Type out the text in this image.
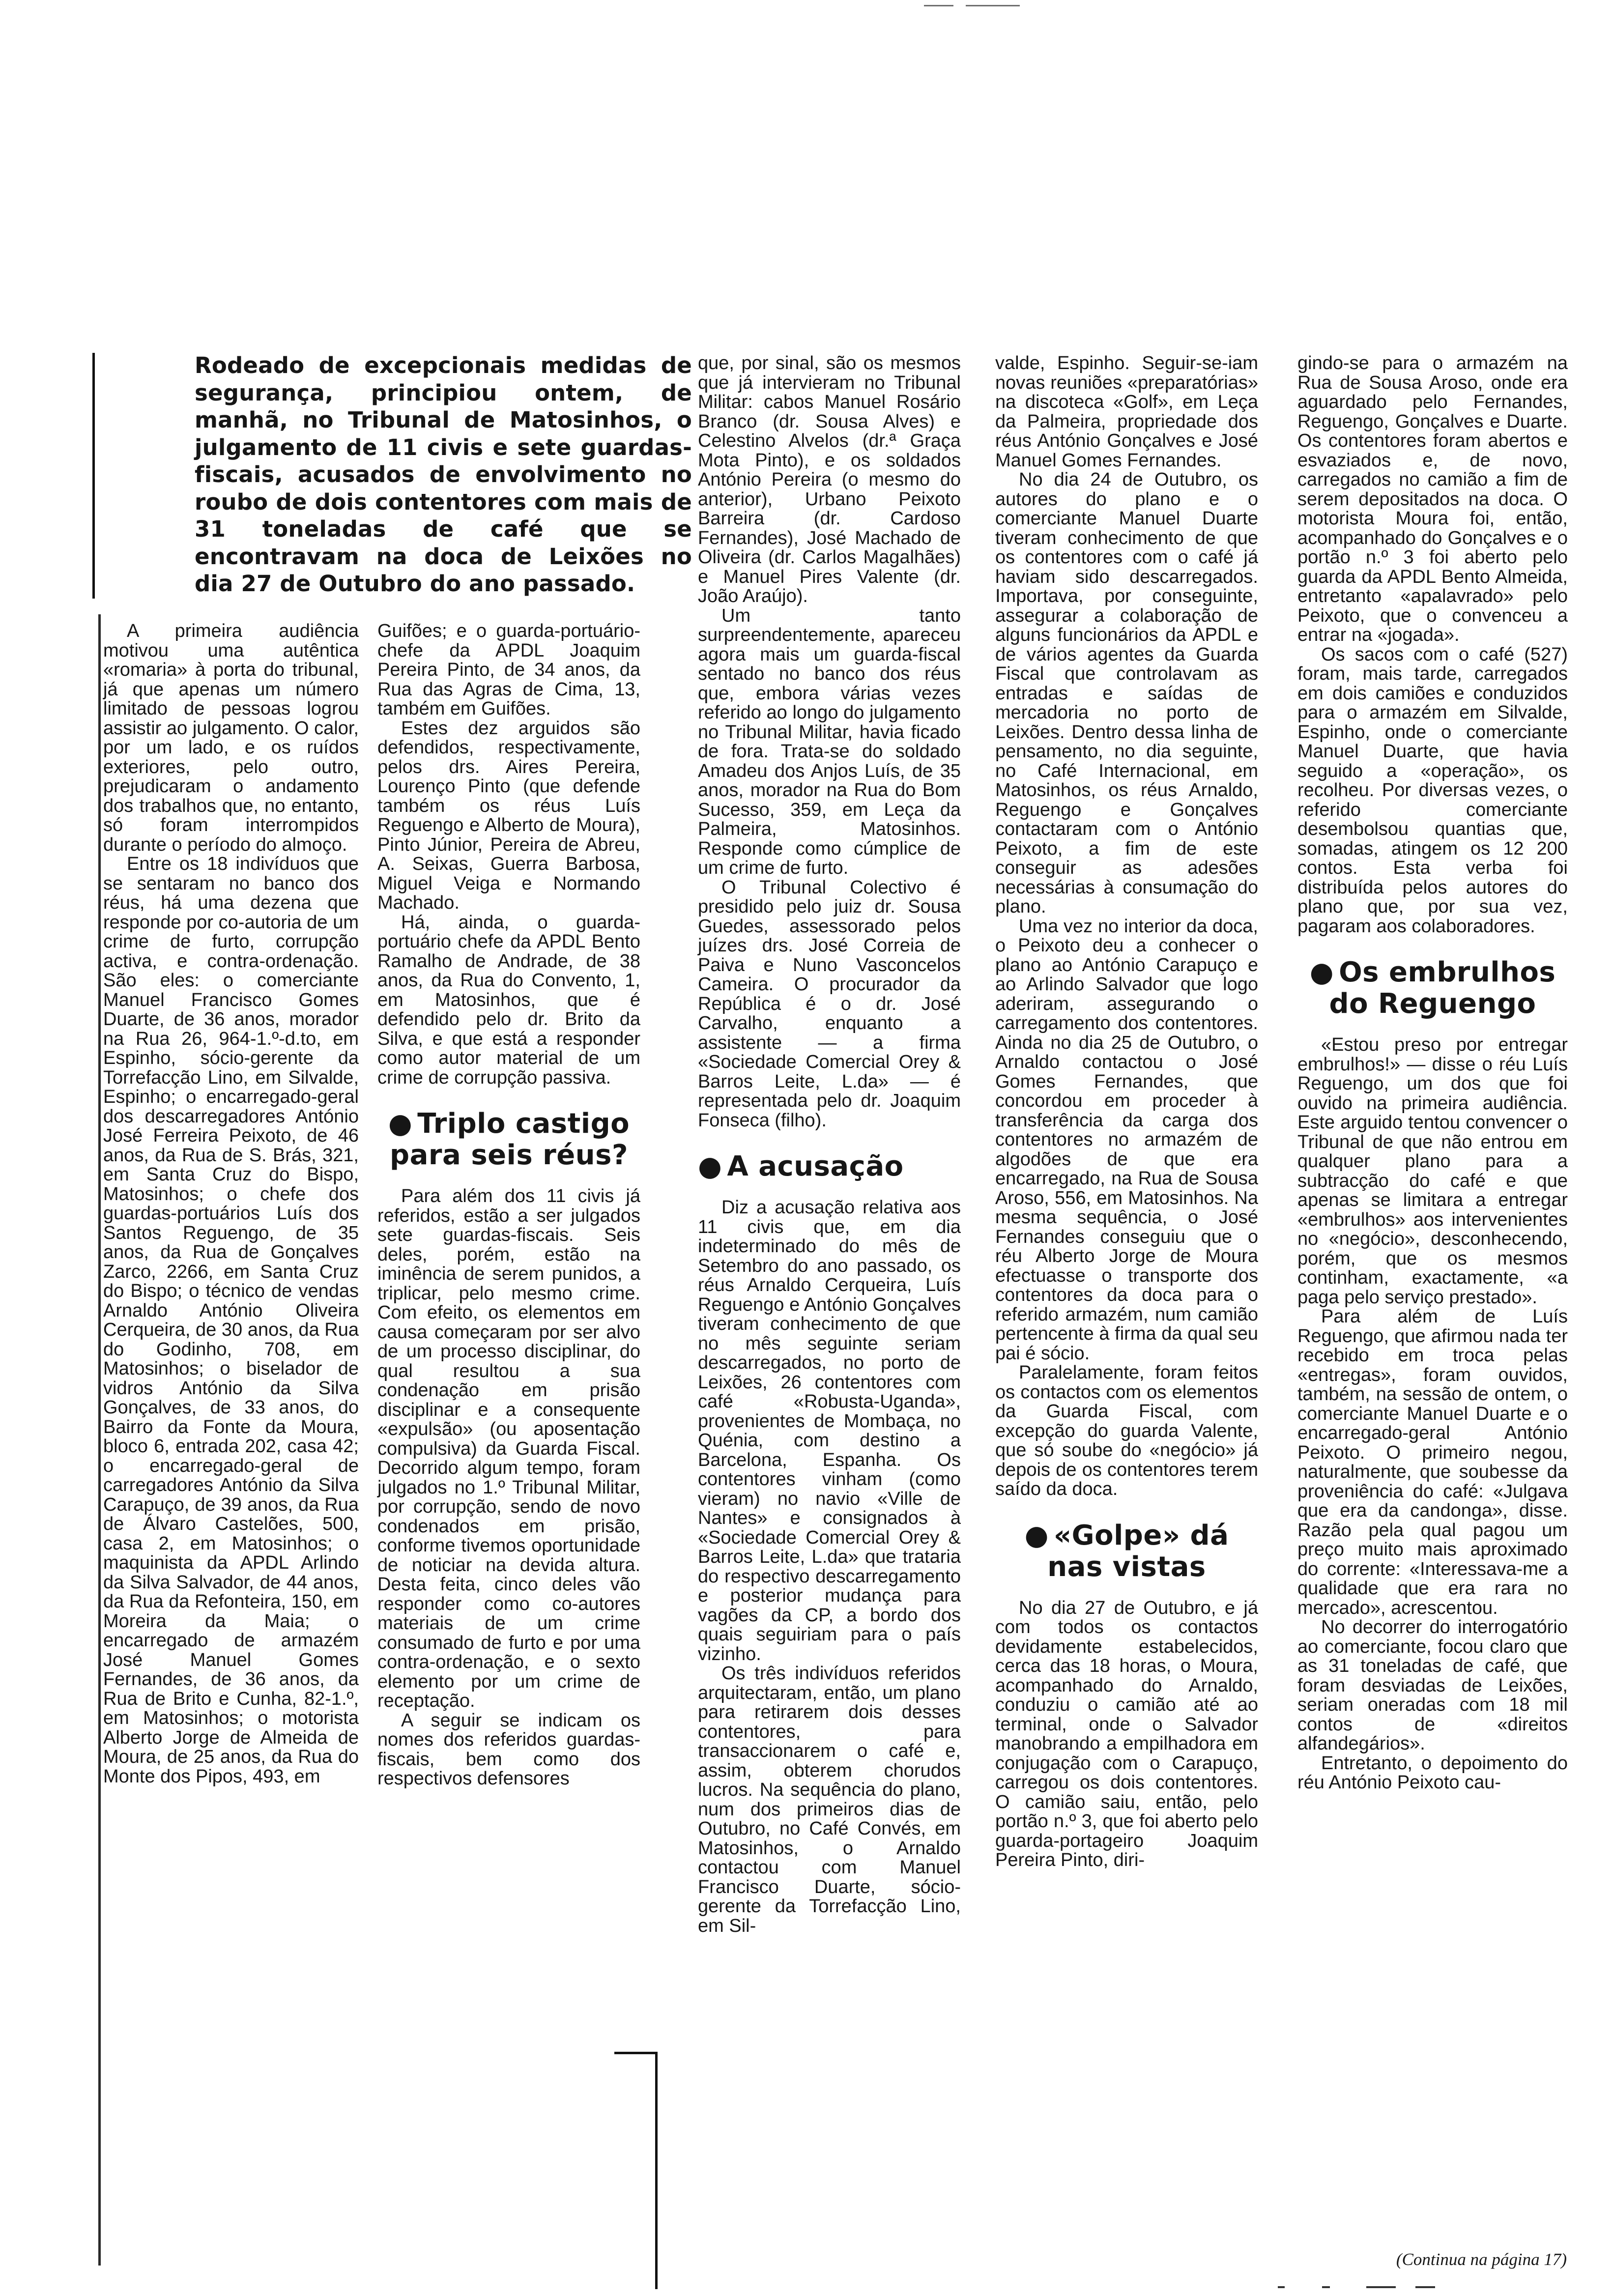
Rodeado de excepcionais medidas de segurança, principiou ontem, de manhã, no Tribunal de Matosinhos, o julgamento de 11 civis e sete guardas-fiscais, acusados de envolvimento no roubo de dois contentores com mais de 31 toneladas de café que se encontravam na doca de Leixões no dia 27 de Outubro do ano passado.

A primeira audiência motivou uma autêntica «romaria» à porta do tribunal, já que apenas um número limitado de pessoas logrou assistir ao julgamento. O calor, por um lado, e os ruídos exteriores, pelo outro, prejudicaram o andamento dos trabalhos que, no entanto, só foram interrompidos durante o período do almoço.

Entre os 18 indivíduos que se sentaram no banco dos réus, há uma dezena que responde por co-autoria de um crime de furto, corrupção activa, e contra-ordenação. São eles: o comerciante Manuel Francisco Gomes Duarte, de 36 anos, morador na Rua 26, 964-1.º-d.to, em Espinho, sócio-gerente da Torrefacção Lino, em Silvalde, Espinho; o encarregado-geral dos descarregadores António José Ferreira Peixoto, de 46 anos, da Rua de S. Brás, 321, em Santa Cruz do Bispo, Matosinhos; o chefe dos guardas-portuários Luís dos Santos Reguengo, de 35 anos, da Rua de Gonçalves Zarco, 2266, em Santa Cruz do Bispo; o técnico de vendas Arnaldo António Oliveira Cerqueira, de 30 anos, da Rua do Godinho, 708, em Matosinhos; o biselador de vidros António da Silva Gonçalves, de 33 anos, do Bairro da Fonte da Moura, bloco 6, entrada 202, casa 42; o encarregado-geral de carregadores António da Silva Carapuço, de 39 anos, da Rua de Álvaro Castelões, 500, casa 2, em Matosinhos; o maquinista da APDL Arlindo da Silva Salvador, de 44 anos, da Rua da Refonteira, 150, em Moreira da Maia; o encarregado de armazém José Manuel Gomes Fernandes, de 36 anos, da Rua de Brito e Cunha, 82-1.º, em Matosinhos; o motorista Alberto Jorge de Almeida de Moura, de 25 anos, da Rua do Monte dos Pipos, 493, em

Guifões; e o guarda-portuário-chefe da APDL Joaquim Pereira Pinto, de 34 anos, da Rua das Agras de Cima, 13, também em Guifões.

Estes dez arguidos são defendidos, respectivamente, pelos drs. Aires Pereira, Lourenço Pinto (que defende também os réus Luís Reguengo e Alberto de Moura), Pinto Júnior, Pereira de Abreu, A. Seixas, Guerra Barbosa, Miguel Veiga e Normando Machado.

Há, ainda, o guarda-portuário chefe da APDL Bento Ramalho de Andrade, de 38 anos, da Rua do Convento, 1, em Matosinhos, que é defendido pelo dr. Brito da Silva, e que está a responder como autor material de um crime de corrupção passiva.

● Triplo castigo para seis réus?

Para além dos 11 civis já referidos, estão a ser julgados sete guardas-fiscais. Seis deles, porém, estão na iminência de serem punidos, a triplicar, pelo mesmo crime. Com efeito, os elementos em causa começaram por ser alvo de um processo disciplinar, do qual resultou a sua condenação em prisão disciplinar e a consequente «expulsão» (ou aposentação compulsiva) da Guarda Fiscal. Decorrido algum tempo, foram julgados no 1.º Tribunal Militar, por corrupção, sendo de novo condenados em prisão, conforme tivemos oportunidade de noticiar na devida altura. Desta feita, cinco deles vão responder como co-autores materiais de um crime consumado de furto e por uma contra-ordenação, e o sexto elemento por um crime de receptação.

A seguir se indicam os nomes dos referidos guardas-fiscais, bem como dos respectivos defensores

que, por sinal, são os mesmos que já intervieram no Tribunal Militar: cabos Manuel Rosário Branco (dr. Sousa Alves) e Celestino Alvelos (dr.ª Graça Mota Pinto), e os soldados António Pereira (o mesmo do anterior), Urbano Peixoto Barreira (dr. Cardoso Fernandes), José Machado de Oliveira (dr. Carlos Magalhães) e Manuel Pires Valente (dr. João Araújo).

Um tanto surpreendentemente, apareceu agora mais um guarda-fiscal sentado no banco dos réus que, embora várias vezes referido ao longo do julgamento no Tribunal Militar, havia ficado de fora. Trata-se do soldado Amadeu dos Anjos Luís, de 35 anos, morador na Rua do Bom Sucesso, 359, em Leça da Palmeira, Matosinhos. Responde como cúmplice de um crime de furto.

O Tribunal Colectivo é presidido pelo juiz dr. Sousa Guedes, assessorado pelos juízes drs. José Correia de Paiva e Nuno Vasconcelos Cameira. O procurador da República é o dr. José Carvalho, enquanto a assistente — a firma «Sociedade Comercial Orey & Barros Leite, L.da» — é representada pelo dr. Joaquim Fonseca (filho).

● A acusação

Diz a acusação relativa aos 11 civis que, em dia indeterminado do mês de Setembro do ano passado, os réus Arnaldo Cerqueira, Luís Reguengo e António Gonçalves tiveram conhecimento de que no mês seguinte seriam descarregados, no porto de Leixões, 26 contentores com café «Robusta-Uganda», provenientes de Mombaça, no Quénia, com destino a Barcelona, Espanha. Os contentores vinham (como vieram) no navio «Ville de Nantes» e consignados à «Sociedade Comercial Orey & Barros Leite, L.da» que trataria do respectivo descarregamento e posterior mudança para vagões da CP, a bordo dos quais seguiriam para o país vizinho.

Os três indivíduos referidos arquitectaram, então, um plano para retirarem dois desses contentores, para transaccionarem o café e, assim, obterem chorudos lucros. Na sequência do plano, num dos primeiros dias de Outubro, no Café Convés, em Matosinhos, o Arnaldo contactou com Manuel Francisco Duarte, sócio-gerente da Torrefacção Lino, em Sil-

valde, Espinho. Seguir-se-iam novas reuniões «preparatórias» na discoteca «Golf», em Leça da Palmeira, propriedade dos réus António Gonçalves e José Manuel Gomes Fernandes.

No dia 24 de Outubro, os autores do plano e o comerciante Manuel Duarte tiveram conhecimento de que os contentores com o café já haviam sido descarregados. Importava, por conseguinte, assegurar a colaboração de alguns funcionários da APDL e de vários agentes da Guarda Fiscal que controlavam as entradas e saídas de mercadoria no porto de Leixões. Dentro dessa linha de pensamento, no dia seguinte, no Café Internacional, em Matosinhos, os réus Arnaldo, Reguengo e Gonçalves contactaram com o António Peixoto, a fim de este conseguir as adesões necessárias à consumação do plano.

Uma vez no interior da doca, o Peixoto deu a conhecer o plano ao António Carapuço e ao Arlindo Salvador que logo aderiram, assegurando o carregamento dos contentores. Ainda no dia 25 de Outubro, o Arnaldo contactou o José Gomes Fernandes, que concordou em proceder à transferência da carga dos contentores no armazém de algodões de que era encarregado, na Rua de Sousa Aroso, 556, em Matosinhos. Na mesma sequência, o José Fernandes conseguiu que o réu Alberto Jorge de Moura efectuasse o transporte dos contentores da doca para o referido armazém, num camião pertencente à firma da qual seu pai é sócio.

Paralelamente, foram feitos os contactos com os elementos da Guarda Fiscal, com excepção do guarda Valente, que só soube do «negócio» já depois de os contentores terem saído da doca.

● «Golpe» dá nas vistas

No dia 27 de Outubro, e já com todos os contactos devidamente estabelecidos, cerca das 18 horas, o Moura, acompanhado do Arnaldo, conduziu o camião até ao terminal, onde o Salvador manobrando a empilhadora em conjugação com o Carapuço, carregou os dois contentores. O camião saiu, então, pelo portão n.º 3, que foi aberto pelo guarda-portageiro Joaquim Pereira Pinto, diri-

gindo-se para o armazém na Rua de Sousa Aroso, onde era aguardado pelo Fernandes, Reguengo, Gonçalves e Duarte. Os contentores foram abertos e esvaziados e, de novo, carregados no camião a fim de serem depositados na doca. O motorista Moura foi, então, acompanhado do Gonçalves e o portão n.º 3 foi aberto pelo guarda da APDL Bento Almeida, entretanto «apalavrado» pelo Peixoto, que o convenceu a entrar na «jogada».

Os sacos com o café (527) foram, mais tarde, carregados em dois camiões e conduzidos para o armazém em Silvalde, Espinho, onde o comerciante Manuel Duarte, que havia seguido a «operação», os recolheu. Por diversas vezes, o referido comerciante desembolsou quantias que, somadas, atingem os 12 200 contos. Esta verba foi distribuída pelos autores do plano que, por sua vez, pagaram aos colaboradores.

● Os embrulhos do Reguengo

«Estou preso por entregar embrulhos!» — disse o réu Luís Reguengo, um dos que foi ouvido na primeira audiência. Este arguido tentou convencer o Tribunal de que não entrou em qualquer plano para a subtracção do café e que apenas se limitara a entregar «embrulhos» aos intervenientes no «negócio», desconhecendo, porém, que os mesmos continham, exactamente, «a paga pelo serviço prestado».

Para além de Luís Reguengo, que afirmou nada ter recebido em troca pelas «entregas», foram ouvidos, também, na sessão de ontem, o comerciante Manuel Duarte e o encarregado-geral António Peixoto. O primeiro negou, naturalmente, que soubesse da proveniência do café: «Julgava que era da candonga», disse. Razão pela qual pagou um preço muito mais aproximado do corrente: «Interessava-me a qualidade que era rara no mercado», acrescentou.

No decorrer do interrogatório ao comerciante, focou claro que as 31 toneladas de café, que foram desviadas de Leixões, seriam oneradas com 18 mil contos de «direitos alfandegários».

Entretanto, o depoimento do réu António Peixoto cau-

(Continua na página 17)
